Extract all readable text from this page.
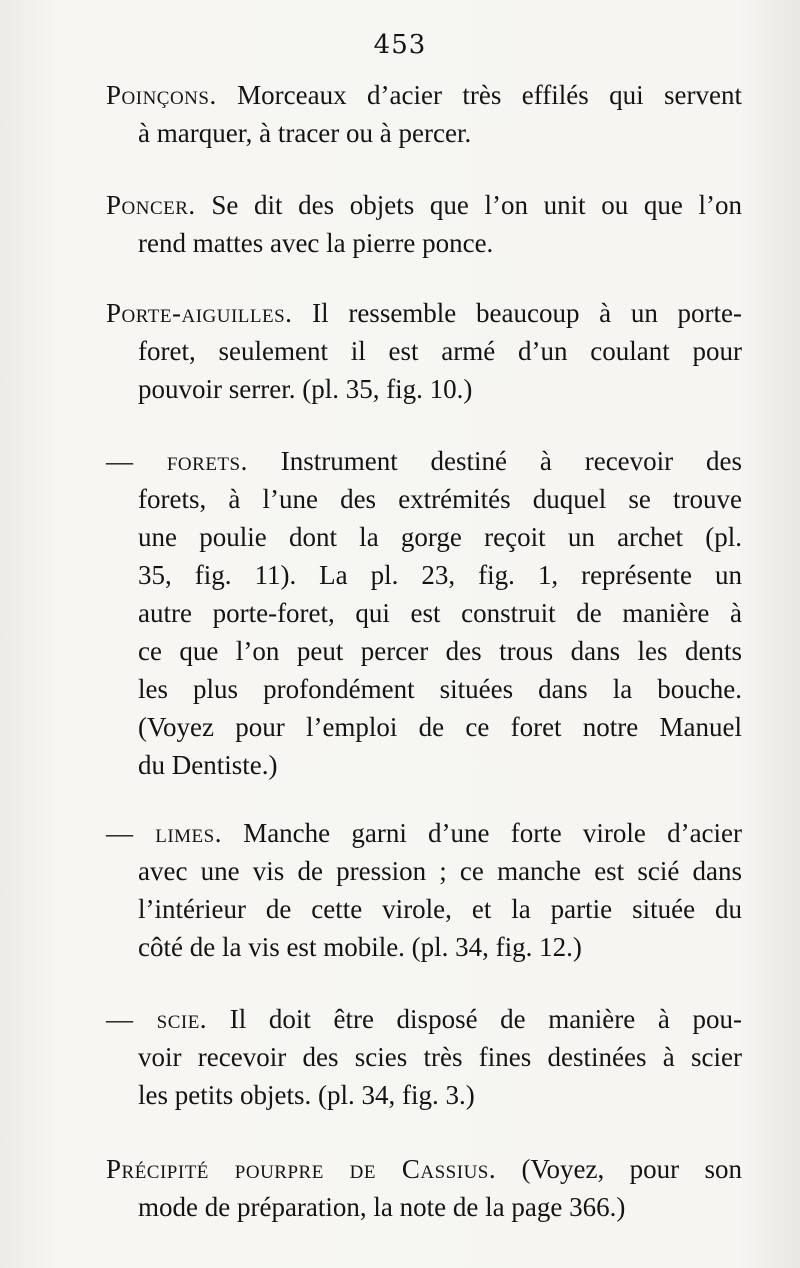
453
Poinçons. Morceaux d’acier très effilés qui servent
à marquer, à tracer ou à percer.
Poncer. Se dit des objets que l’on unit ou que l’on
rend mattes avec la pierre ponce.
Porte-aiguilles. Il ressemble beaucoup à un porte-
foret, seulement il est armé d’un coulant pour
pouvoir serrer. (pl. 35, fig. 10.)
— forets. Instrument destiné à recevoir des
forets, à l’une des extrémités duquel se trouve
une poulie dont la gorge reçoit un archet (pl.
35, fig. 11). La pl. 23, fig. 1, représente un
autre porte-foret, qui est construit de manière à
ce que l’on peut percer des trous dans les dents
les plus profondément situées dans la bouche.
(Voyez pour l’emploi de ce foret notre Manuel
du Dentiste.)
— limes. Manche garni d’une forte virole d’acier
avec une vis de pression ; ce manche est scié dans
l’intérieur de cette virole, et la partie située du
côté de la vis est mobile. (pl. 34, fig. 12.)
— scie. Il doit être disposé de manière à pou-
voir recevoir des scies très fines destinées à scier
les petits objets. (pl. 34, fig. 3.)
Précipité pourpre de Cassius. (Voyez, pour son
mode de préparation, la note de la page 366.)
